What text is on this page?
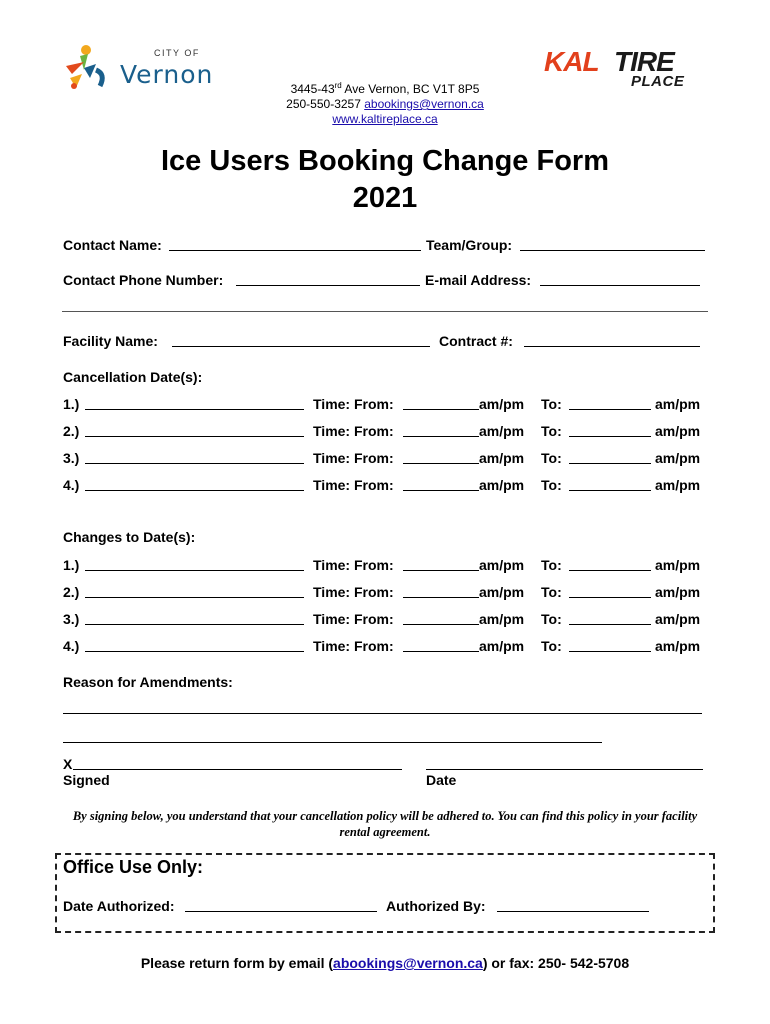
CITY OF
Vernon	KAL TIRE
PLACE
3445-43rd Ave Vernon, BC V1T 8P5
250-550-3257 abookings@vernon.ca
www.kaltireplace.ca
Ice Users Booking Change Form
2021
Contact Name:	Team/Group:
Contact Phone Number:	E-mail Address:
Facility Name:	Contract #:
Cancellation Date(s):
1.)	Time: From:	am/pm To:	am/pm
2.)	Time: From:	am/pm To:	am/pm
3.)	Time: From:	am/pm To:	am/pm
4.)	Time: From:	am/pm To:	am/pm
Changes to Date(s):
1.)	Time: From:	am/pm To:	am/pm
2.)	Time: From:	am/pm To:	am/pm
3.)	Time: From:	am/pm To:	am/pm
4.)	Time: From:	am/pm To:	am/pm
Reason for Amendments:
X
Signed	Date
By signing below, you understand that your cancellation policy will be adhered to. You can find this policy in your facility rental agreement.
Office Use Only:
Date Authorized:	Authorized By:
Please return form by email (abookings@vernon.ca) or fax: 250- 542-5708
